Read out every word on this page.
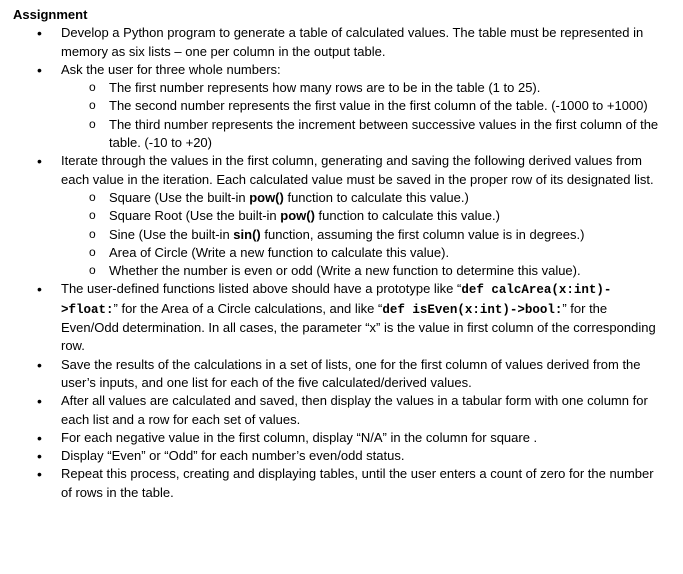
Assignment
• Develop a Python program to generate a table of calculated values. The table must be represented in memory as six lists – one per column in the output table.
• Ask the user for three whole numbers:
o The first number represents how many rows are to be in the table (1 to 25).
o The second number represents the first value in the first column of the table. (-1000 to +1000)
o The third number represents the increment between successive values in the first column of the table. (-10 to +20)
• Iterate through the values in the first column, generating and saving the following derived values from each value in the iteration. Each calculated value must be saved in the proper row of its designated list.
o Square (Use the built-in pow() function to calculate this value.)
o Square Root (Use the built-in pow() function to calculate this value.)
o Sine (Use the built-in sin() function, assuming the first column value is in degrees.)
o Area of Circle (Write a new function to calculate this value).
o Whether the number is even or odd (Write a new function to determine this value).
• The user-defined functions listed above should have a prototype like “def calcArea(x:int)->float:” for the Area of a Circle calculations, and like “def isEven(x:int)->bool:” for the Even/Odd determination. In all cases, the parameter “x” is the value in first column of the corresponding row.
• Save the results of the calculations in a set of lists, one for the first column of values derived from the user’s inputs, and one list for each of the five calculated/derived values.
• After all values are calculated and saved, then display the values in a tabular form with one column for each list and a row for each set of values.
• For each negative value in the first column, display “N/A” in the column for square .
• Display “Even” or “Odd” for each number’s even/odd status.
• Repeat this process, creating and displaying tables, until the user enters a count of zero for the number of rows in the table.
